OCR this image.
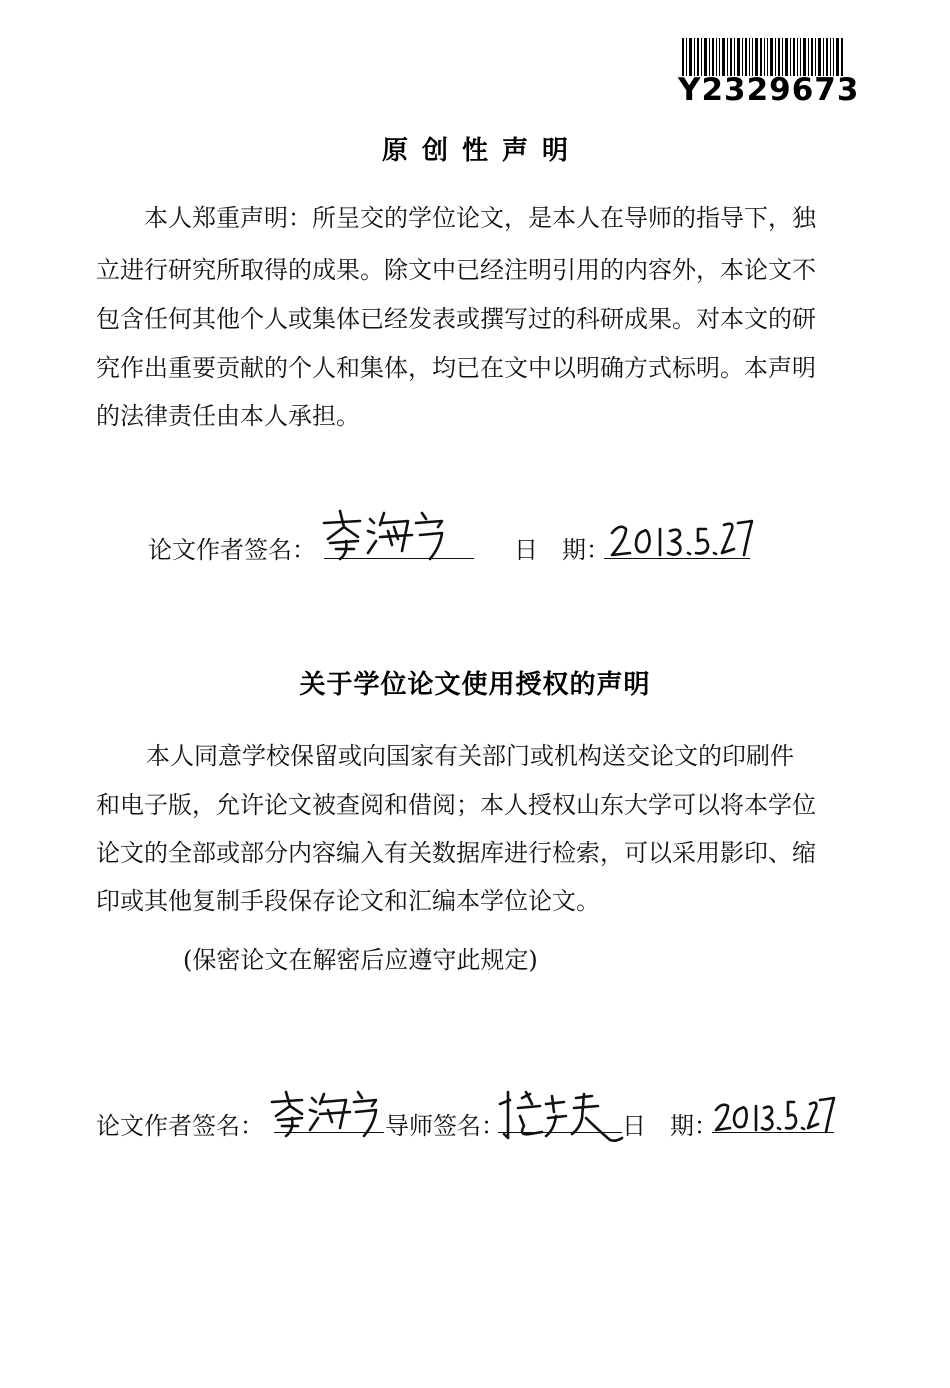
Y2329673
原创性声明
本人郑重声明：所呈交的学位论文，是本人在导师的指导下，独
立进行研究所取得的成果。除文中已经注明引用的内容外，本论文不
包含任何其他个人或集体已经发表或撰写过的科研成果。对本文的研
究作出重要贡献的个人和集体，均已在文中以明确方式标明。本声明
的法律责任由本人承担。
论文作者签名：	日　期：
关于学位论文使用授权的声明
本人同意学校保留或向国家有关部门或机构送交论文的印刷件
和电子版，允许论文被查阅和借阅；本人授权山东大学可以将本学位
论文的全部或部分内容编入有关数据库进行检索，可以采用影印、缩
印或其他复制手段保存论文和汇编本学位论文。
(保密论文在解密后应遵守此规定)
论文作者签名：	导师签名：	日　期：
